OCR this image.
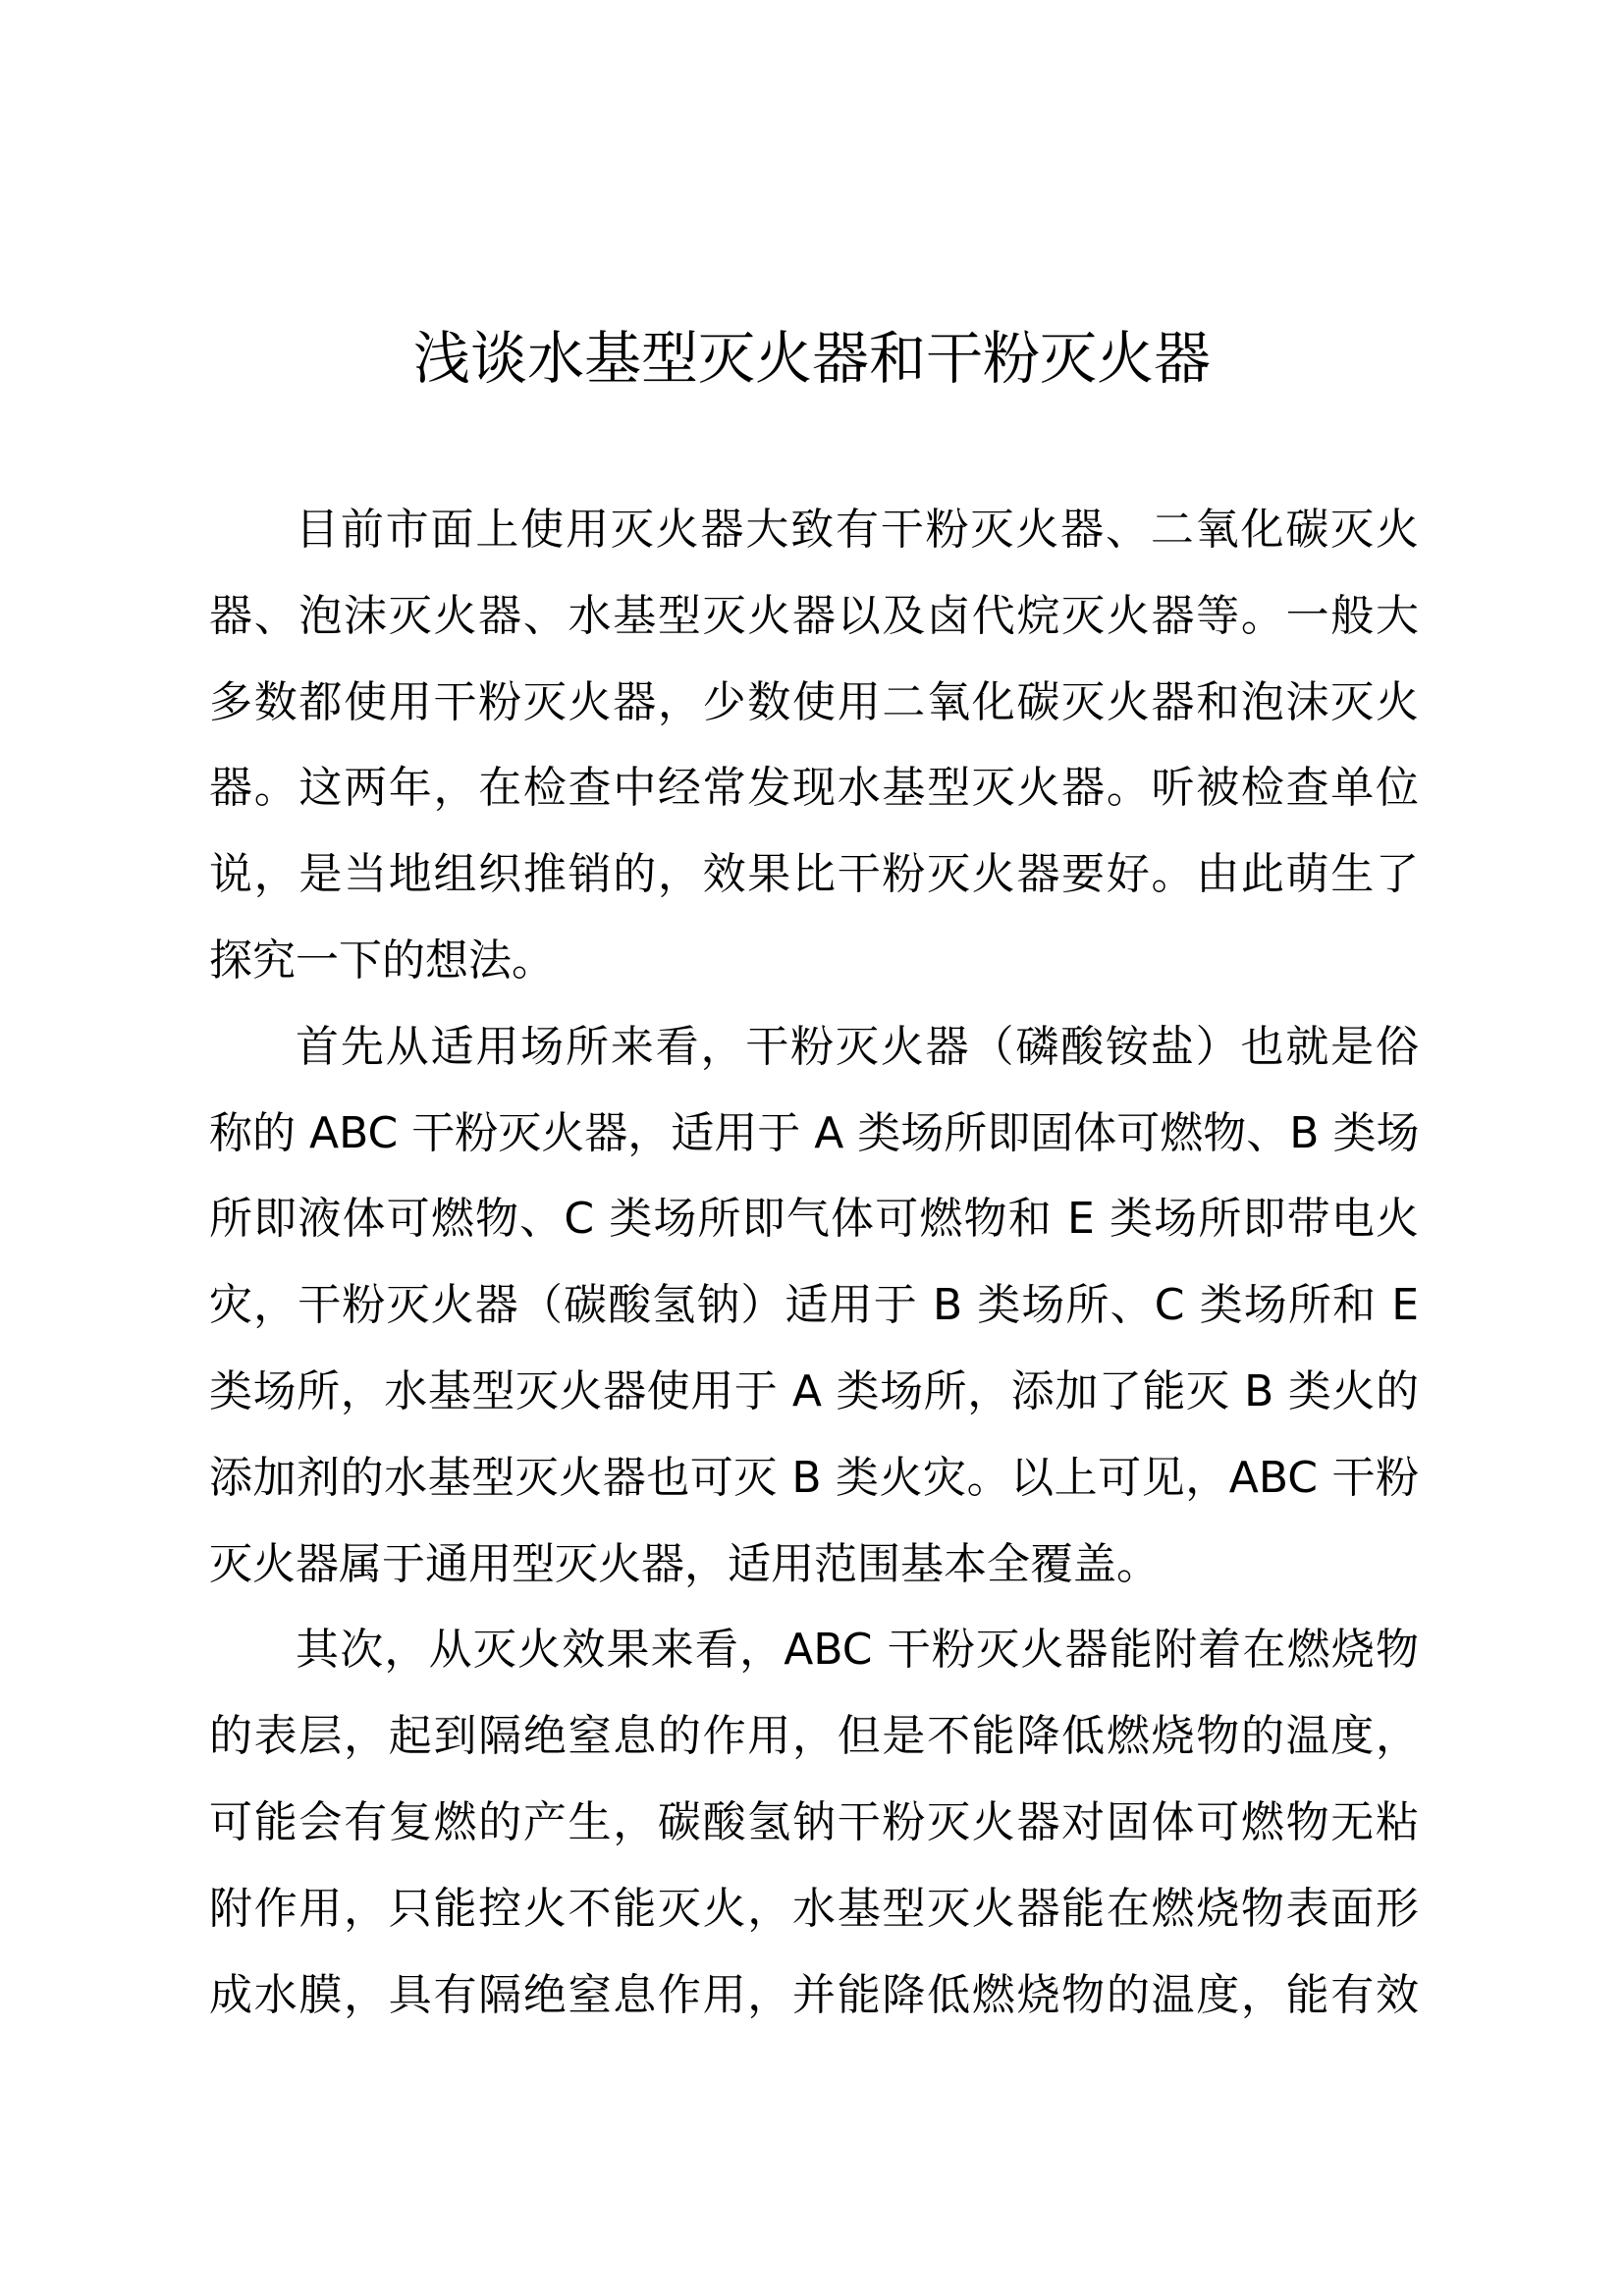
浅谈水基型灭火器和干粉灭火器
目前市面上使用灭火器大致有干粉灭火器、二氧化碳灭火
器、泡沫灭火器、水基型灭火器以及卤代烷灭火器等。一般大
多数都使用干粉灭火器，少数使用二氧化碳灭火器和泡沫灭火
器。这两年，在检查中经常发现水基型灭火器。听被检查单位
说，是当地组织推销的，效果比干粉灭火器要好。由此萌生了
探究一下的想法。
首先从适用场所来看，干粉灭火器（磷酸铵盐）也就是俗
称的 ABC 干粉灭火器，适用于 A 类场所即固体可燃物、B 类场
所即液体可燃物、C 类场所即气体可燃物和 E 类场所即带电火
灾，干粉灭火器（碳酸氢钠）适用于 B 类场所、C 类场所和 E
类场所，水基型灭火器使用于 A 类场所，添加了能灭 B 类火的
添加剂的水基型灭火器也可灭 B 类火灾。以上可见，ABC 干粉
灭火器属于通用型灭火器，适用范围基本全覆盖。
其次，从灭火效果来看，ABC 干粉灭火器能附着在燃烧物
的表层，起到隔绝窒息的作用，但是不能降低燃烧物的温度，
可能会有复燃的产生，碳酸氢钠干粉灭火器对固体可燃物无粘
附作用，只能控火不能灭火，水基型灭火器能在燃烧物表面形
成水膜，具有隔绝窒息作用，并能降低燃烧物的温度，能有效
